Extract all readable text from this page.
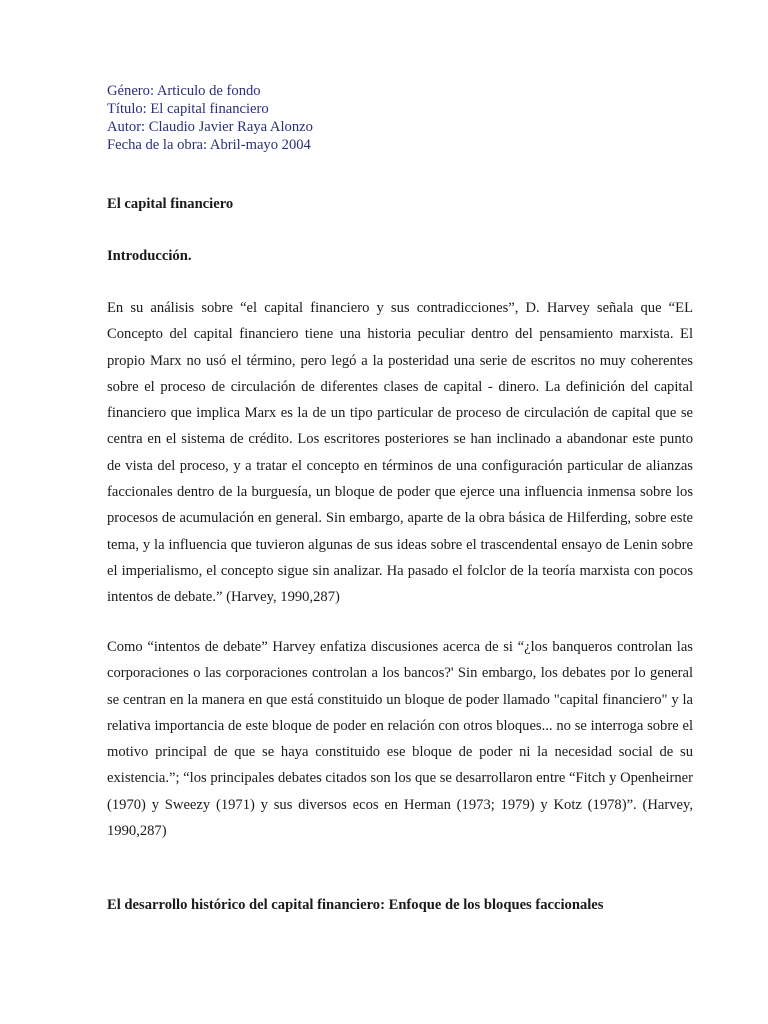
Género: Articulo de fondo

Título: El capital financiero

Autor: Claudio Javier Raya Alonzo

Fecha de la obra: Abril-mayo 2004

El capital financiero
Introducción.

En su análisis sobre “el capital financiero y sus contradicciones”, D. Harvey señala que “EL Concepto del capital financiero tiene una historia peculiar dentro del pensamiento marxista. El propio Marx no usó el término, pero legó a la posteridad una serie de escritos no muy coherentes sobre el proceso de circulación de diferentes clases de capital - dinero. La definición del capital financiero que implica Marx es la de un tipo particular de proceso de circulación de capital que se centra en el sistema de crédito. Los escritores posteriores se han inclinado a abandonar este punto de vista del proceso, y a tratar el concepto en términos de una configuración particular de alianzas faccionales dentro de la burguesía, un bloque de poder que ejerce una influencia inmensa sobre los procesos de acumulación en general. Sin embargo, aparte de la obra básica de Hilferding, sobre este tema, y la influencia que tuvieron algunas de sus ideas sobre el trascendental ensayo de Lenin sobre el imperialismo, el concepto sigue sin analizar. Ha pasado el folclor de la teoría marxista con pocos intentos de debate.” (Harvey, 1990,287)

Como “intentos de debate” Harvey enfatiza discusiones acerca de si “¿los banqueros controlan las corporaciones o las corporaciones controlan a los bancos?' Sin embargo, los debates por lo general se centran en la manera en que está constituido un bloque de poder llamado "capital financiero" y la relativa importancia de este bloque de poder en relación con otros bloques... no se interroga sobre el motivo principal de que se haya constituido ese bloque de poder ni la necesidad social de su existencia.”; “los principales debates citados son los que se desarrollaron entre “Fitch y Openheirner (1970) y Sweezy (1971) y sus diversos ecos en Herman (1973; 1979) y Kotz (1978)”. (Harvey, 1990,287)

El desarrollo histórico del capital financiero: Enfoque de los bloques faccionales
